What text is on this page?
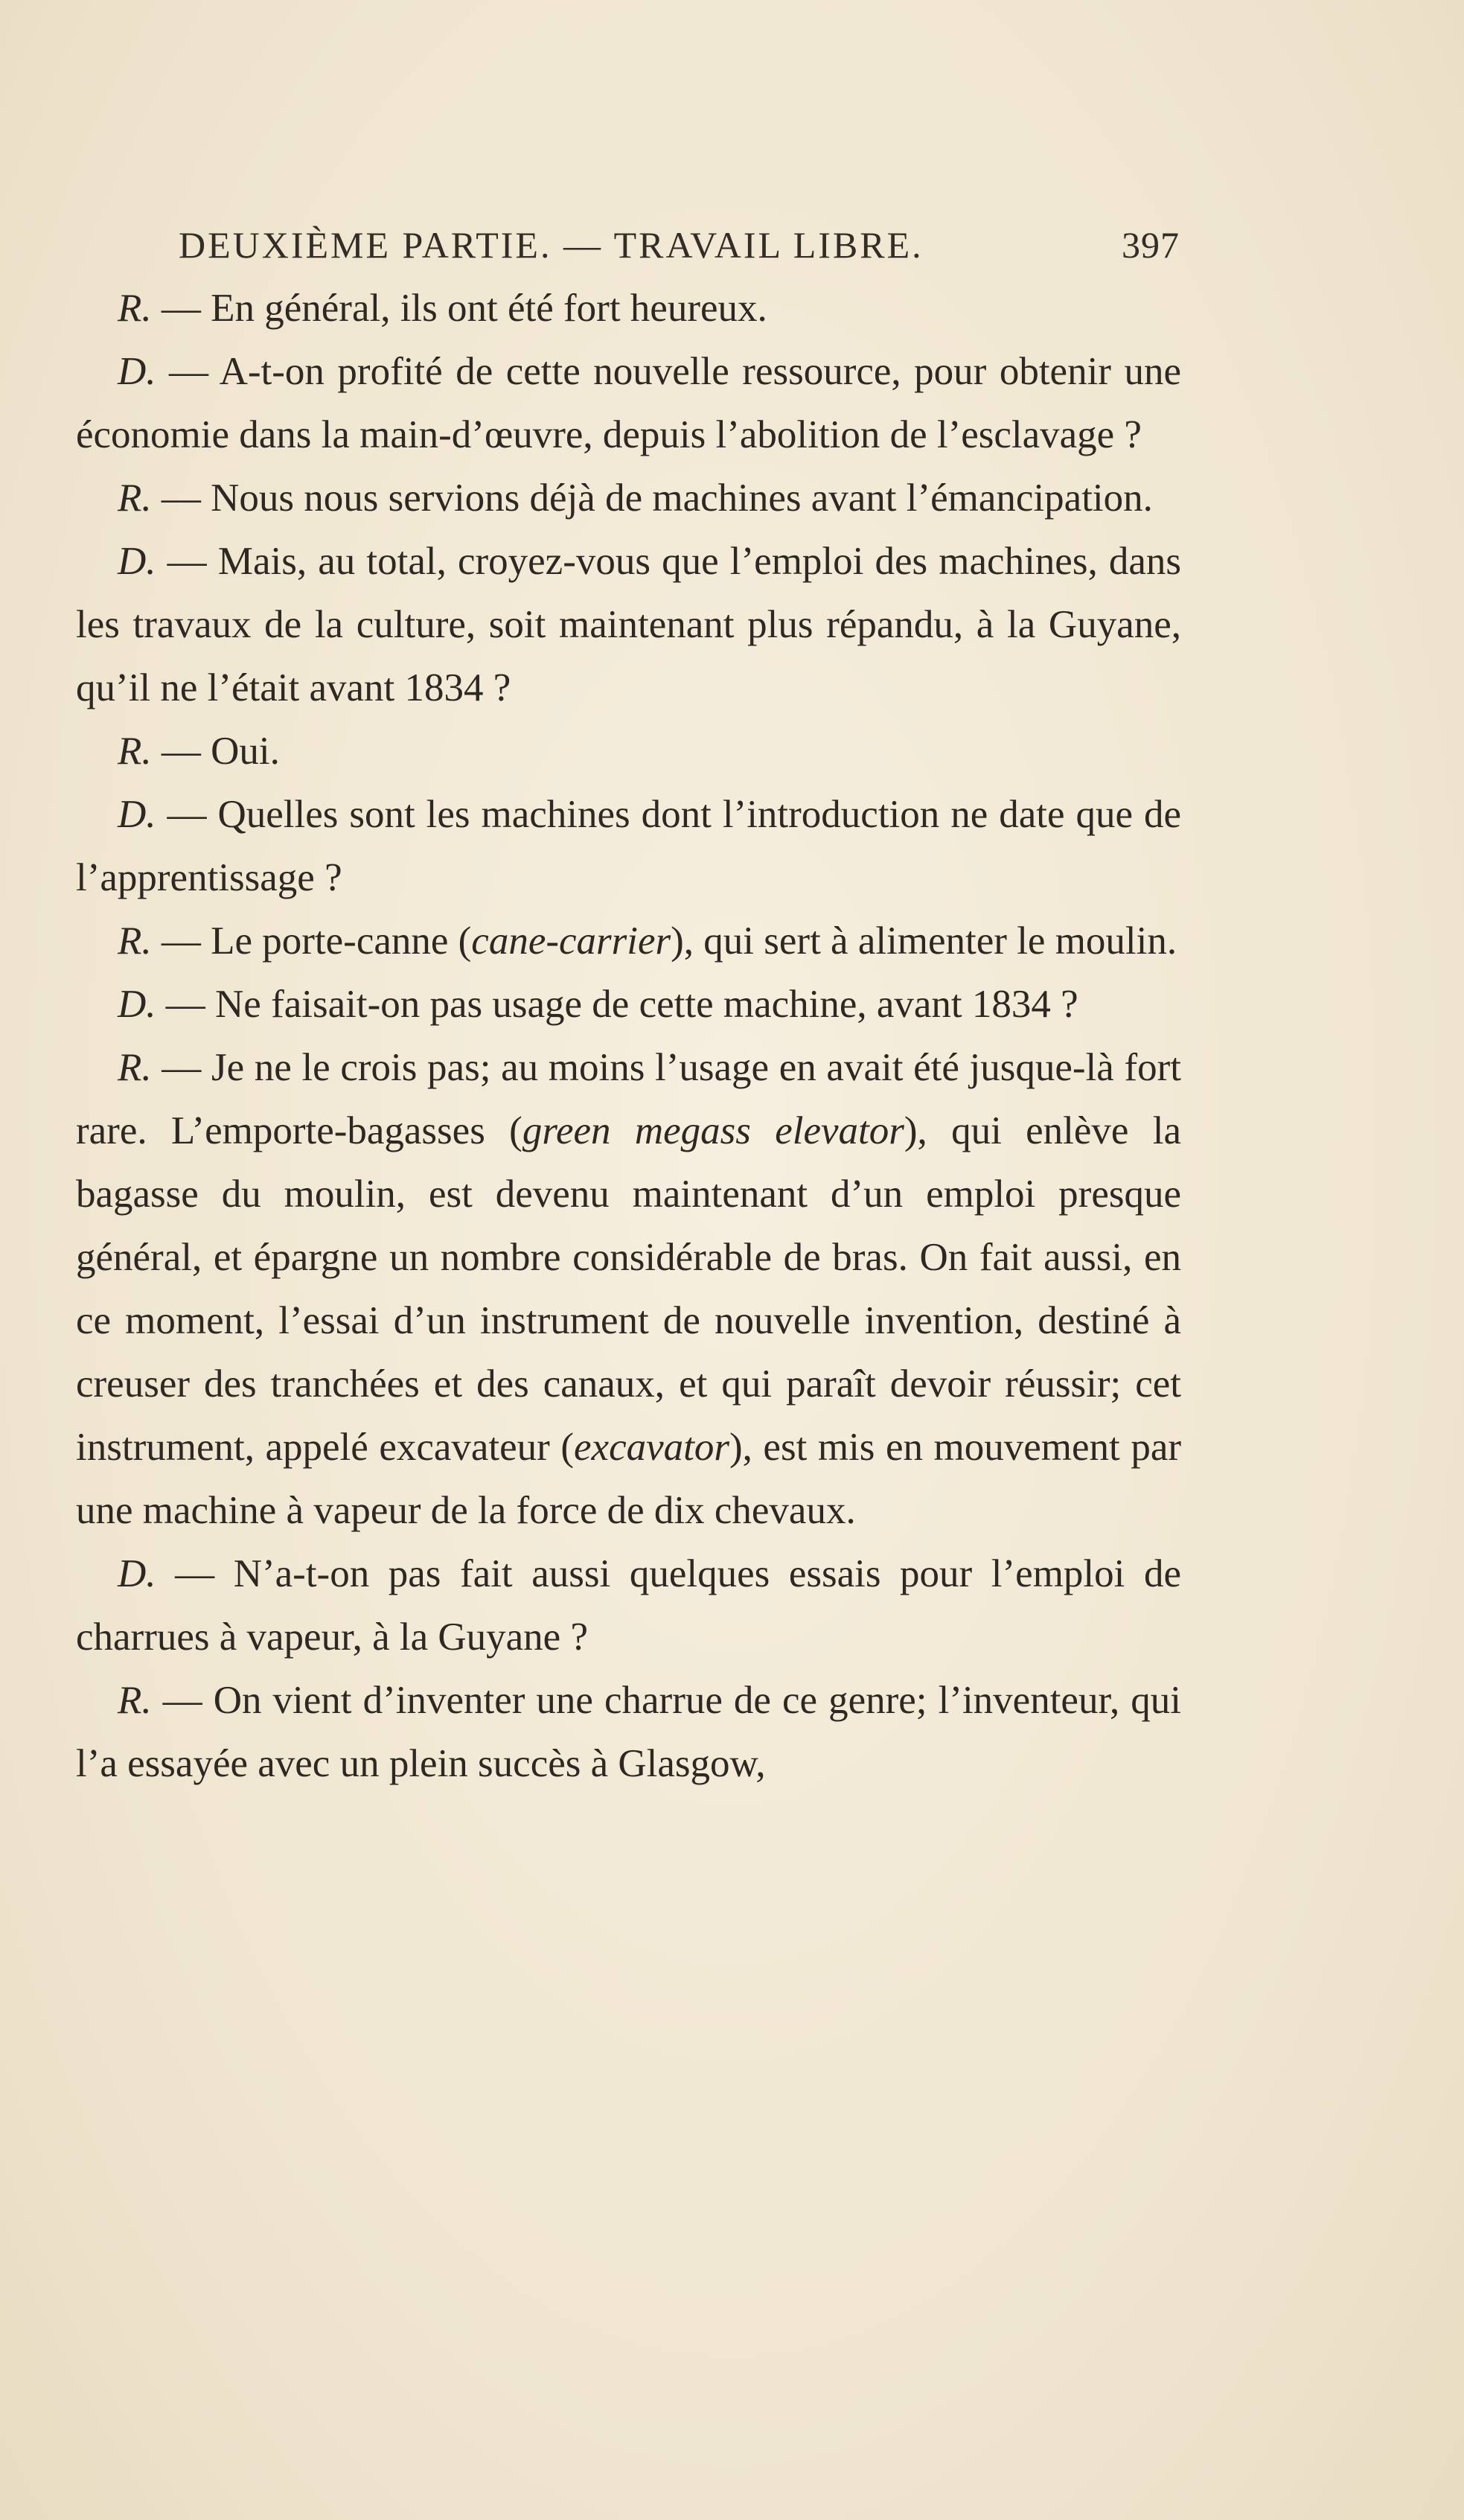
DEUXIÈME PARTIE. — TRAVAIL LIBRE.	397

R. — En général, ils ont été fort heureux.

D. — A-t-on profité de cette nouvelle ressource, pour obtenir une économie dans la main-d’œuvre, depuis l’abolition de l’esclavage ?

R. — Nous nous servions déjà de machines avant l’émancipation.

D. — Mais, au total, croyez-vous que l’emploi des machines, dans les travaux de la culture, soit maintenant plus répandu, à la Guyane, qu’il ne l’était avant 1834 ?

R. — Oui.

D. — Quelles sont les machines dont l’introduction ne date que de l’apprentissage ?

R. — Le porte-canne (cane-carrier), qui sert à alimenter le moulin.

D. — Ne faisait-on pas usage de cette machine, avant 1834 ?

R. — Je ne le crois pas; au moins l’usage en avait été jusque-là fort rare. L’emporte-bagasses (green megass elevator), qui enlève la bagasse du moulin, est devenu maintenant d’un emploi presque général, et épargne un nombre considérable de bras. On fait aussi, en ce moment, l’essai d’un instrument de nouvelle invention, destiné à creuser des tranchées et des canaux, et qui paraît devoir réussir; cet instrument, appelé excavateur (excavator), est mis en mouvement par une machine à vapeur de la force de dix chevaux.

D. — N’a-t-on pas fait aussi quelques essais pour l’emploi de charrues à vapeur, à la Guyane ?

R. — On vient d’inventer une charrue de ce genre; l’inventeur, qui l’a essayée avec un plein succès à Glasgow,
